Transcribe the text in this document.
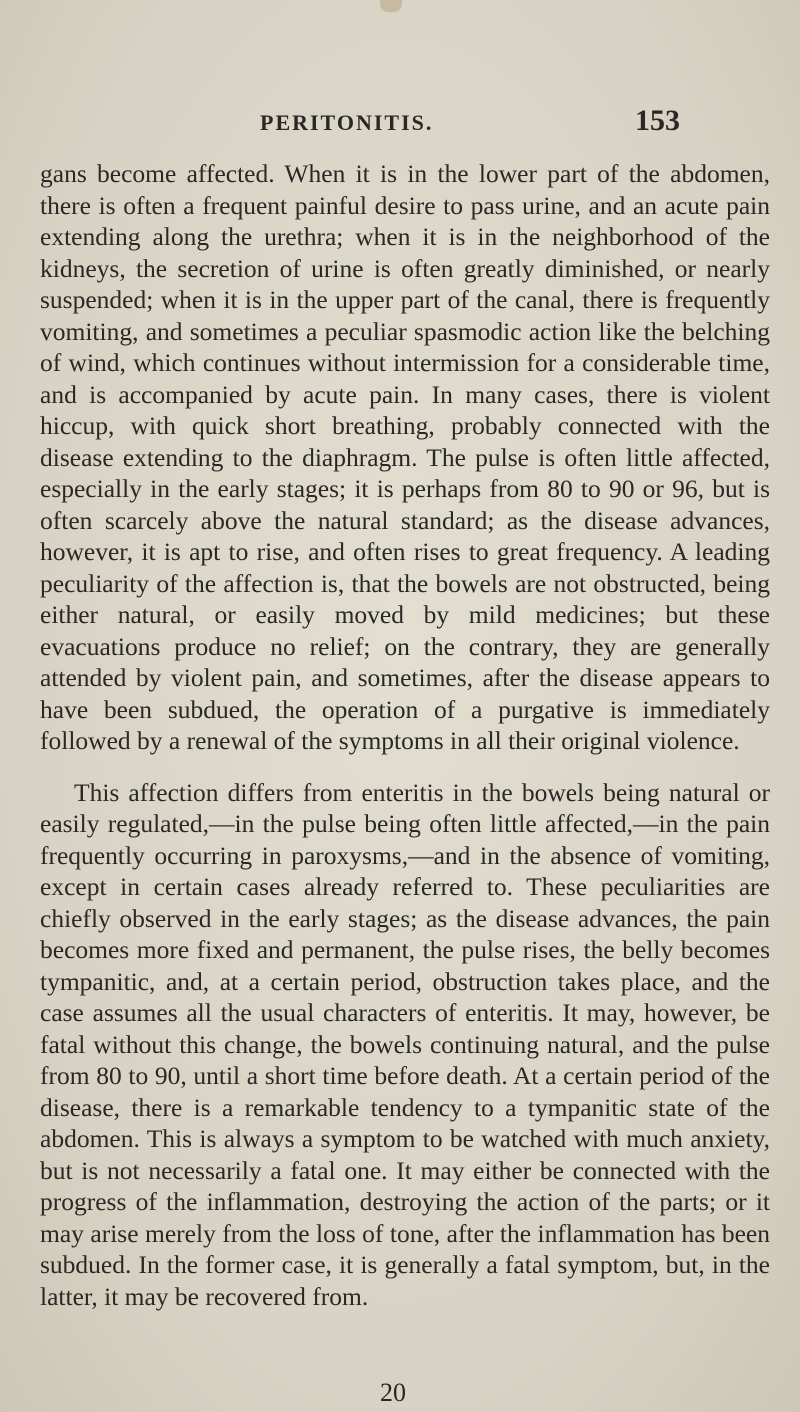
PERITONITIS.	153

gans become affected. When it is in the lower part of the abdomen, there is often a frequent painful desire to pass urine, and an acute pain extending along the urethra; when it is in the neighborhood of the kidneys, the secretion of urine is often greatly diminished, or nearly suspended; when it is in the upper part of the canal, there is frequently vomiting, and sometimes a peculiar spasmodic action like the belching of wind, which continues without intermission for a considerable time, and is accompanied by acute pain. In many cases, there is violent hiccup, with quick short breathing, probably connected with the disease extending to the diaphragm. The pulse is often little affected, especially in the early stages; it is perhaps from 80 to 90 or 96, but is often scarcely above the natural standard; as the disease advances, however, it is apt to rise, and often rises to great frequency. A leading peculiarity of the affection is, that the bowels are not obstructed, being either natural, or easily moved by mild medicines; but these evacuations produce no relief; on the contrary, they are generally attended by violent pain, and sometimes, after the disease appears to have been subdued, the operation of a purgative is immediately followed by a renewal of the symptoms in all their original violence.

This affection differs from enteritis in the bowels being natural or easily regulated,—in the pulse being often little affected,—in the pain frequently occurring in paroxysms,—and in the absence of vomiting, except in certain cases already referred to. These peculiarities are chiefly observed in the early stages; as the disease advances, the pain becomes more fixed and permanent, the pulse rises, the belly becomes tympanitic, and, at a certain period, obstruction takes place, and the case assumes all the usual characters of enteritis. It may, however, be fatal without this change, the bowels continuing natural, and the pulse from 80 to 90, until a short time before death. At a certain period of the disease, there is a remarkable tendency to a tympanitic state of the abdomen. This is always a symptom to be watched with much anxiety, but is not necessarily a fatal one. It may either be connected with the progress of the inflammation, destroying the action of the parts; or it may arise merely from the loss of tone, after the inflammation has been subdued. In the former case, it is generally a fatal symptom, but, in the latter, it may be recovered from.

20
